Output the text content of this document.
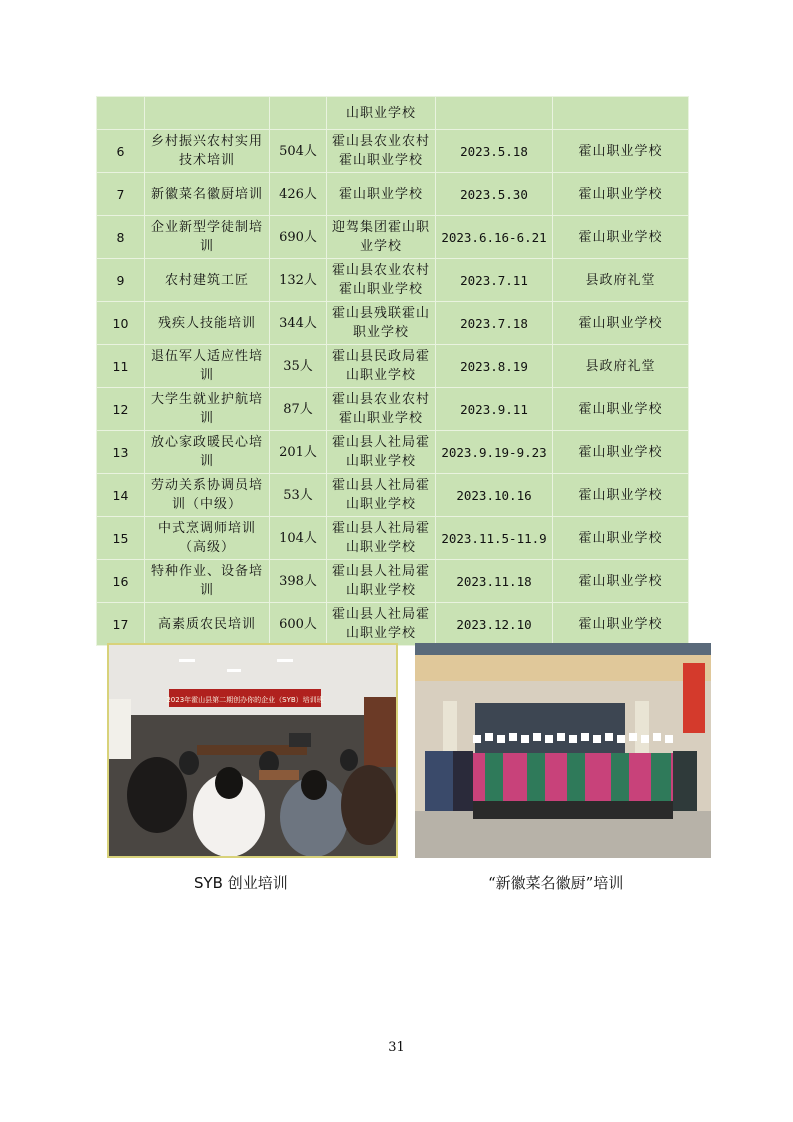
			山职业学校		
6	乡村振兴农村实用技术培训	504人	霍山县农业农村霍山职业学校	2023.5.18	霍山职业学校
7	新徽菜名徽厨培训	426人	霍山职业学校	2023.5.30	霍山职业学校
8	企业新型学徒制培训	690人	迎驾集团霍山职业学校	2023.6.16-6.21	霍山职业学校
9	农村建筑工匠	132人	霍山县农业农村霍山职业学校	2023.7.11	县政府礼堂
10	残疾人技能培训	344人	霍山县残联霍山职业学校	2023.7.18	霍山职业学校
11	退伍军人适应性培训	35人	霍山县民政局霍山职业学校	2023.8.19	县政府礼堂
12	大学生就业护航培训	87人	霍山县农业农村霍山职业学校	2023.9.11	霍山职业学校
13	放心家政暖民心培训	201人	霍山县人社局霍山职业学校	2023.9.19-9.23	霍山职业学校
14	劳动关系协调员培训（中级）	53人	霍山县人社局霍山职业学校	2023.10.16	霍山职业学校
15	中式烹调师培训（高级）	104人	霍山县人社局霍山职业学校	2023.11.5-11.9	霍山职业学校
16	特种作业、设备培训	398人	霍山县人社局霍山职业学校	2023.11.18	霍山职业学校
17	高素质农民培训	600人	霍山县人社局霍山职业学校	2023.12.10	霍山职业学校
2023年霍山县第二期创办你的企业（SYB）培训班
SYB 创业培训	“新徽菜名徽厨”培训
31
